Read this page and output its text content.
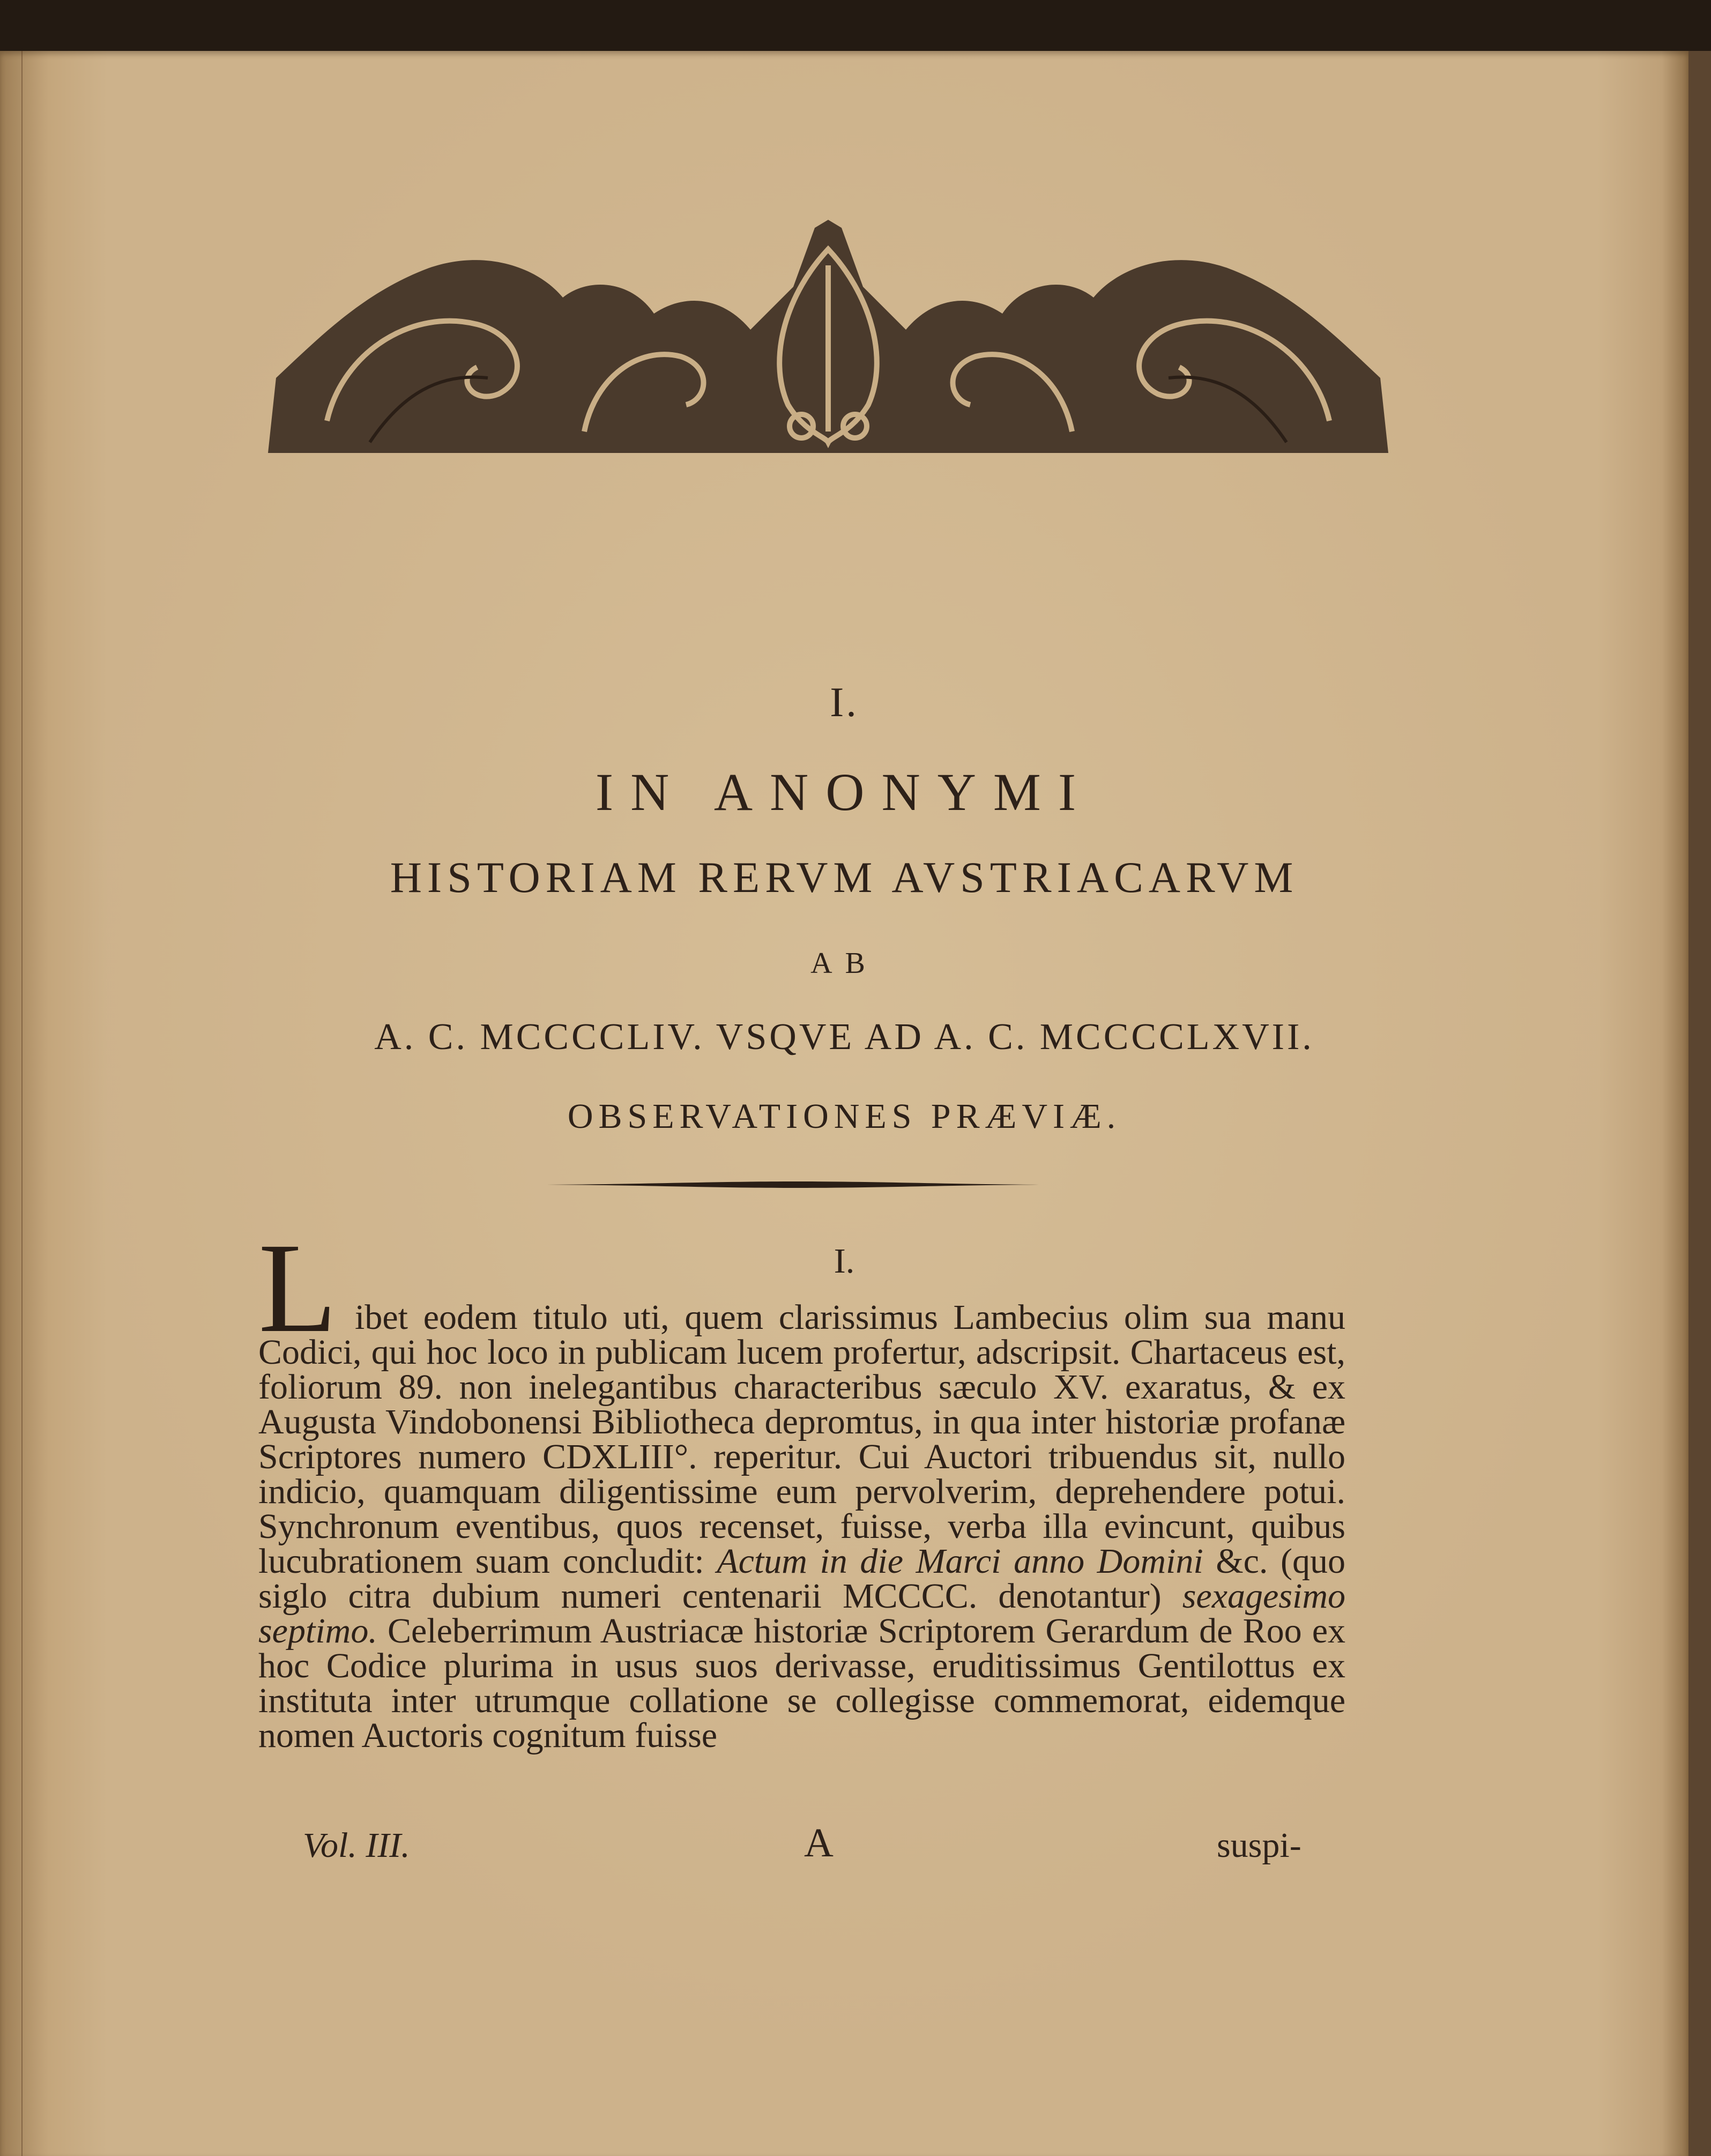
I.
IN ANONYMI
HISTORIAM RERVM AVSTRIACARVM
AB
A. C. MCCCCLIV. VSQVE AD A. C. MCCCCLXVII.
OBSERVATIONES PRÆVIÆ.
I.
L ibet eodem titulo uti, quem clarissimus Lambecius olim sua manu Codici, qui hoc loco in publicam lucem profertur, adscripsit. Chartaceus est, foliorum 89. non inelegantibus characteribus sæculo XV. exaratus, & ex Augusta Vindobonensi Bibliotheca depromtus, in qua inter historiæ profanæ Scriptores numero CDXLIII°. reperitur. Cui Auctori tribuendus sit, nullo indicio, quamquam diligentissime eum pervolverim, deprehendere potui. Synchronum eventibus, quos recenset, fuisse, verba illa evincunt, quibus lucubrationem suam concludit: Actum in die Marci anno Domini &c. (quo siglo citra dubium numeri centenarii MCCCC. denotantur) sexagesimo septimo. Celeberrimum Austriacæ historiæ Scriptorem Gerardum de Roo ex hoc Codice plurima in usus suos derivasse, eruditissimus Gentilottus ex instituta inter utrumque collatione se collegisse commemorat, eidemque nomen Auctoris cognitum fuisse

Vol. III.	A	suspi-
